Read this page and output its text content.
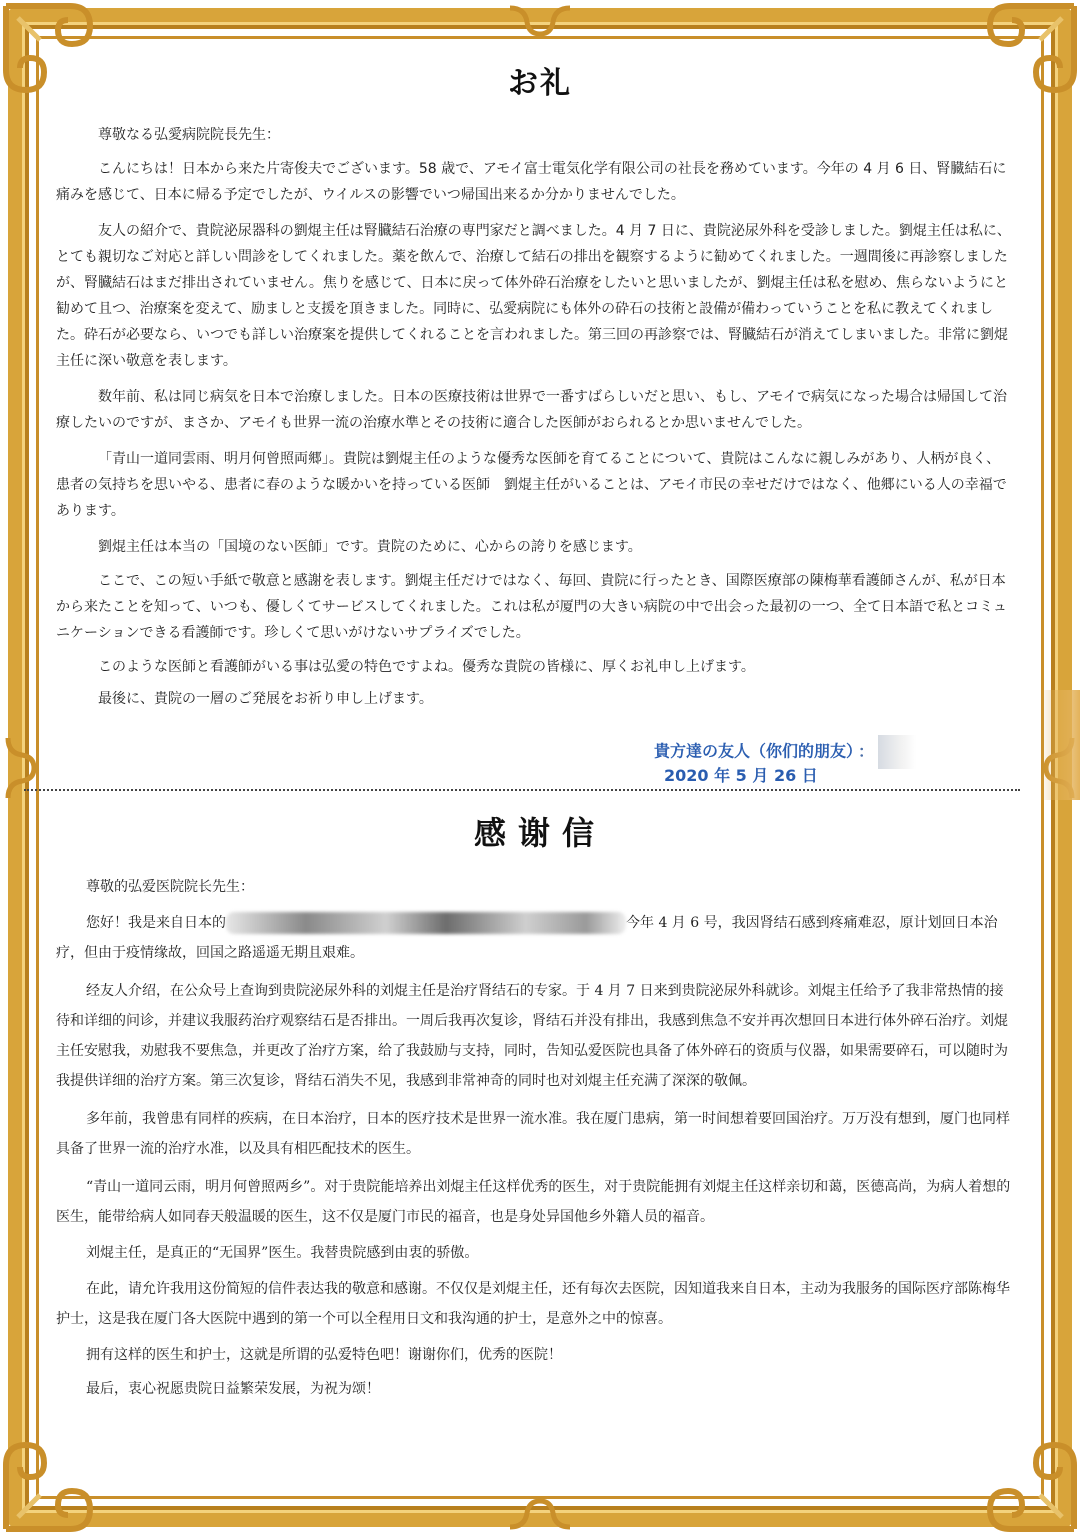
お礼

尊敬なる弘愛病院院長先生：

こんにちは！日本から来た片寄俊夫でございます。58 歳で、アモイ富士電気化学有限公司の社長を務めています。今年の 4 月 6 日、腎臓結石に痛みを感じて、日本に帰る予定でしたが、ウイルスの影響でいつ帰国出来るか分かりませんでした。

友人の紹介で、貴院泌尿器科の劉焜主任は腎臓結石治療の専門家だと調べました。4 月 7 日に、貴院泌尿外科を受診しました。劉焜主任は私に、とても親切なご対応と詳しい問診をしてくれました。薬を飲んで、治療して結石の排出を観察するように勧めてくれました。一週間後に再診察しましたが、腎臓結石はまだ排出されていません。焦りを感じて、日本に戻って体外砕石治療をしたいと思いましたが、劉焜主任は私を慰め、焦らないようにと勧めて且つ、治療案を変えて、励ましと支援を頂きました。同時に、弘愛病院にも体外の砕石の技術と設備が備わっていうことを私に教えてくれました。砕石が必要なら、いつでも詳しい治療案を提供してくれることを言われました。第三回の再診察では、腎臓結石が消えてしまいました。非常に劉焜主任に深い敬意を表します。

数年前、私は同じ病気を日本で治療しました。日本の医療技術は世界で一番すばらしいだと思い、もし、アモイで病気になった場合は帰国して治療したいのですが、まさか、アモイも世界一流の治療水準とその技術に適合した医師がおられるとか思いませんでした。

「青山一道同雲雨、明月何曾照両郷」。貴院は劉焜主任のような優秀な医師を育てることについて、貴院はこんなに親しみがあり、人柄が良く、患者の気持ちを思いやる、患者に春のような暖かいを持っている医師　劉焜主任がいることは、アモイ市民の幸せだけではなく、他郷にいる人の幸福であります。

劉焜主任は本当の「国境のない医師」です。貴院のために、心からの誇りを感じます。

ここで、この短い手紙で敬意と感謝を表します。劉焜主任だけではなく、毎回、貴院に行ったとき、国際医療部の陳梅華看護師さんが、私が日本から来たことを知って、いつも、優しくてサービスしてくれました。これは私が厦門の大きい病院の中で出会った最初の一つ、全て日本語で私とコミュニケーションできる看護師です。珍しくて思いがけないサプライズでした。

このような医師と看護師がいる事は弘愛の特色ですよね。優秀な貴院の皆様に、厚くお礼申し上げます。

最後に、貴院の一層のご発展をお祈り申し上げます。

貴方達の友人（你们的朋友） ：
2020 年 5 月 26 日
感谢信

尊敬的弘爱医院院长先生：

您好！我是来自日本的	今年 4 月 6 号，我因肾结石感到疼痛难忍，原计划回日本治疗，但由于疫情缘故，回国之路遥遥无期且艰难。

经友人介绍，在公众号上查询到贵院泌尿外科的刘焜主任是治疗肾结石的专家。于 4 月 7 日来到贵院泌尿外科就诊。刘焜主任给予了我非常热情的接待和详细的问诊，并建议我服药治疗观察结石是否排出。一周后我再次复诊，肾结石并没有排出，我感到焦急不安并再次想回日本进行体外碎石治疗。刘焜主任安慰我，劝慰我不要焦急，并更改了治疗方案，给了我鼓励与支持，同时，告知弘爱医院也具备了体外碎石的资质与仪器，如果需要碎石，可以随时为我提供详细的治疗方案。第三次复诊，肾结石消失不见，我感到非常神奇的同时也对刘焜主任充满了深深的敬佩。

多年前，我曾患有同样的疾病，在日本治疗，日本的医疗技术是世界一流水准。我在厦门患病，第一时间想着要回国治疗。万万没有想到，厦门也同样具备了世界一流的治疗水准，以及具有相匹配技术的医生。

“青山一道同云雨，明月何曾照两乡”。对于贵院能培养出刘焜主任这样优秀的医生，对于贵院能拥有刘焜主任这样亲切和蔼，医德高尚，为病人着想的医生，能带给病人如同春天般温暖的医生，这不仅是厦门市民的福音，也是身处异国他乡外籍人员的福音。

刘焜主任，是真正的“无国界”医生。我替贵院感到由衷的骄傲。

在此，请允许我用这份简短的信件表达我的敬意和感谢。不仅仅是刘焜主任，还有每次去医院，因知道我来自日本，主动为我服务的国际医疗部陈梅华护士，这是我在厦门各大医院中遇到的第一个可以全程用日文和我沟通的护士，是意外之中的惊喜。

拥有这样的医生和护士，这就是所谓的弘爱特色吧！谢谢你们，优秀的医院！

最后，衷心祝愿贵院日益繁荣发展，为祝为颂！
